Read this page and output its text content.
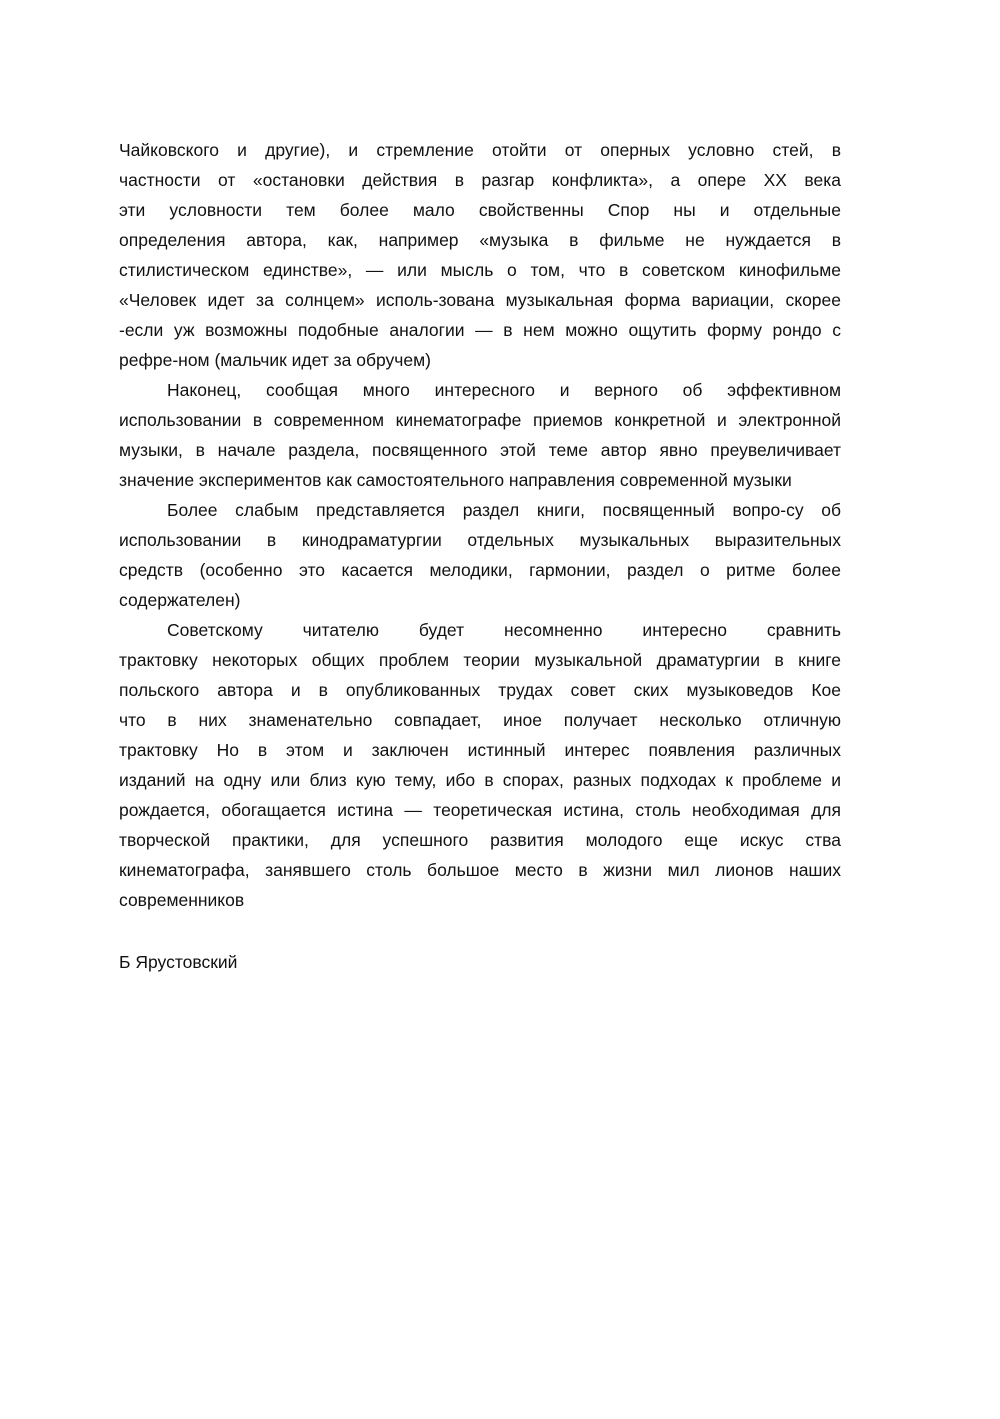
Чайковского и другие), и стремление отойти от оперных условно стей, в
частности от «остановки действия в разгар конфликта», а опере XX века
эти условности тем более мало свойственны Спор ны и отдельные
определения автора, как, например «музыка в фильме не нуждается в
стилистическом единстве», — или мысль о том, что в советском кинофильме
«Человек идет за солнцем» исполь-зована музыкальная форма вариации, скорее
-если уж возможны подобные аналогии — в нем можно ощутить форму рондо с
рефре-ном (мальчик идет за обручем)
Наконец, сообщая много интересного и верного об эффективном
использовании в современном кинематографе приемов конкретной и электронной
музыки, в начале раздела, посвященного этой теме автор явно преувеличивает
значение экспериментов как самостоятельного направления современной музыки
Более слабым представляется раздел книги, посвященный вопро-су об
использовании в кинодраматургии отдельных музыкальных выразительных
средств (особенно это касается мелодики, гармонии, раздел о ритме более
содержателен)
Советскому читателю будет несомненно интересно сравнить
трактовку некоторых общих проблем теории музыкальной драматургии в книге
польского автора и в опубликованных трудах совет ских музыковедов Кое
что в них знаменательно совпадает, иное получает несколько отличную
трактовку Но в этом и заключен истинный интерес появления различных
изданий на одну или близ кую тему, ибо в спорах, разных подходах к проблеме и
рождается, обогащается истина — теоретическая истина, столь необходимая для
творческой практики, для успешного развития молодого еще искус ства
кинематографа, занявшего столь большое место в жизни мил лионов наших
современников
Б Ярустовский
